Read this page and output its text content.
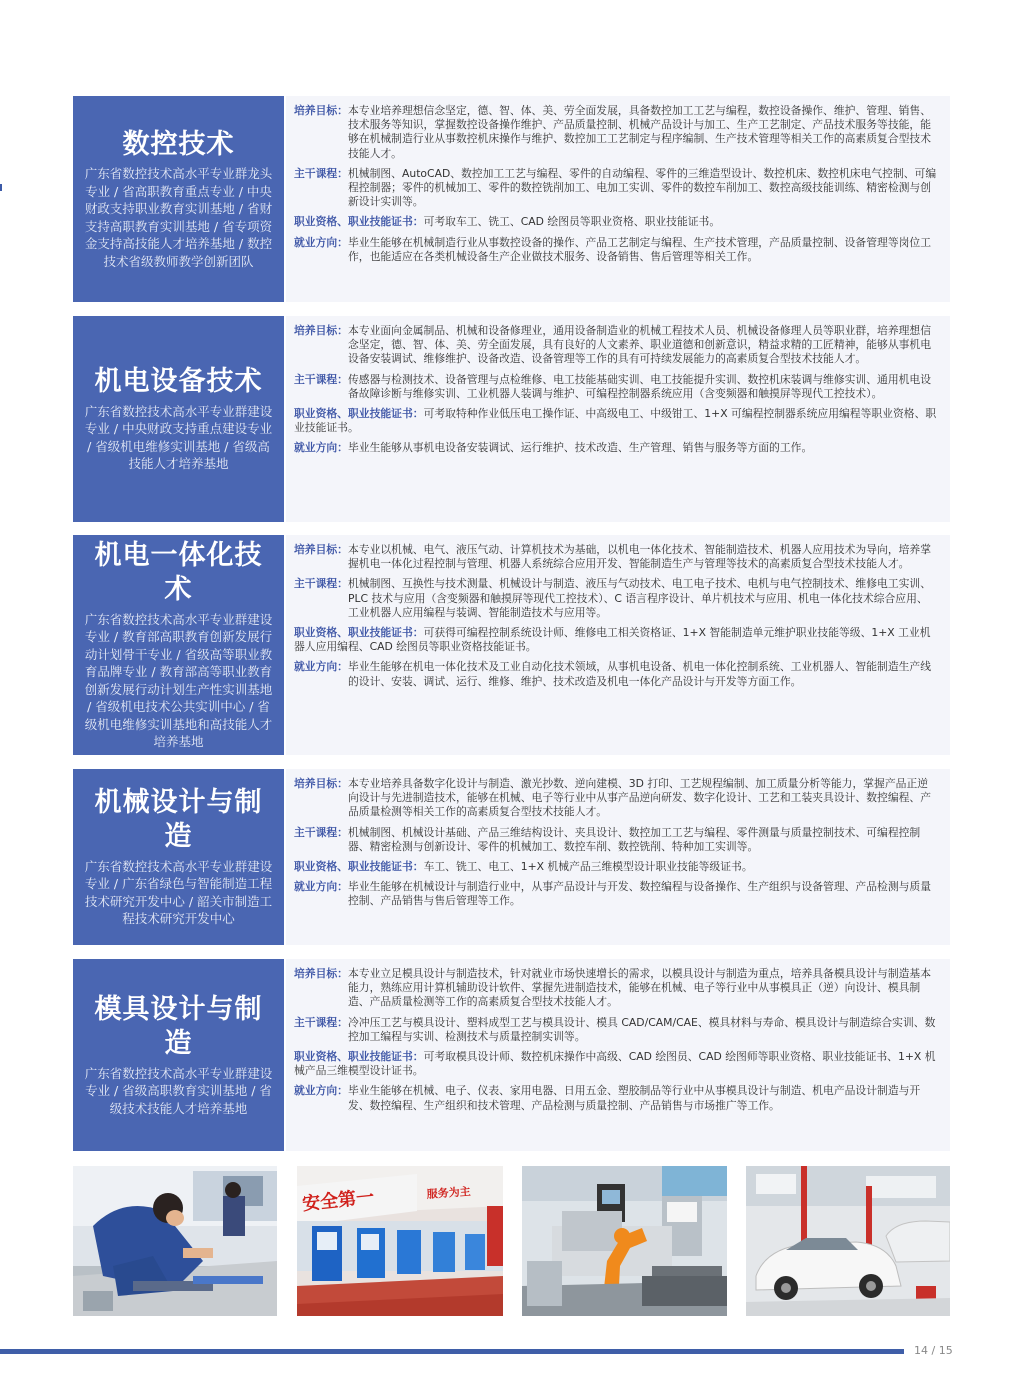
数控技术
广东省数控技术高水平专业群龙头专业 / 省高职教育重点专业 / 中央财政支持职业教育实训基地 / 省财支持高职教育实训基地 / 省专项资金支持高技能人才培养基地 / 数控技术省级教师教学创新团队
培养目标： 本专业培养理想信念坚定，德、智、体、美、劳全面发展，具备数控加工工艺与编程，数控设备操作、维护、管理、销售、技术服务等知识，掌握数控设备操作维护、产品质量控制、机械产品设计与加工、生产工艺制定、产品技术服务等技能，能够在机械制造行业从事数控机床操作与维护、数控加工工艺制定与程序编制、生产技术管理等相关工作的高素质复合型技术技能人才。
主干课程： 机械制图、AutoCAD、数控加工工艺与编程、零件的自动编程、零件的三维造型设计、数控机床、数控机床电气控制、可编程控制器；零件的机械加工、零件的数控铣削加工、电加工实训、零件的数控车削加工、数控高级技能训练、精密检测与创新设计实训等。
职业资格、职业技能证书：可考取车工、铣工、CAD 绘图员等职业资格、职业技能证书。
就业方向： 毕业生能够在机械制造行业从事数控设备的操作、产品工艺制定与编程、生产技术管理，产品质量控制、设备管理等岗位工作，也能适应在各类机械设备生产企业做技术服务、设备销售、售后管理等相关工作。
机电设备技术
广东省数控技术高水平专业群建设专业 / 中央财政支持重点建设专业 / 省级机电维修实训基地 / 省级高技能人才培养基地
培养目标： 本专业面向金属制品、机械和设备修理业，通用设备制造业的机械工程技术人员、机械设备修理人员等职业群，培养理想信念坚定，德、智、体、美、劳全面发展，具有良好的人文素养、职业道德和创新意识，精益求精的工匠精神，能够从事机电设备安装调试、维修维护、设备改造、设备管理等工作的具有可持续发展能力的高素质复合型技术技能人才。
主干课程： 传感器与检测技术、设备管理与点检维修、电工技能基础实训、电工技能提升实训、数控机床装调与维修实训、通用机电设备故障诊断与维修实训、工业机器人装调与维护、可编程控制器系统应用（含变频器和触摸屏等现代工控技术）。
职业资格、职业技能证书：可考取特种作业低压电工操作证、中高级电工、中级钳工、1+X 可编程控制器系统应用编程等职业资格、职业技能证书。
就业方向： 毕业生能够从事机电设备安装调试、运行维护、技术改造、生产管理、销售与服务等方面的工作。
机电一体化技术
广东省数控技术高水平专业群建设专业 / 教育部高职教育创新发展行动计划骨干专业 / 省级高等职业教育品牌专业 / 教育部高等职业教育创新发展行动计划生产性实训基地 / 省级机电技术公共实训中心 / 省级机电维修实训基地和高技能人才培养基地
培养目标： 本专业以机械、电气、液压气动、计算机技术为基础，以机电一体化技术、智能制造技术、机器人应用技术为导向，培养掌握机电一体化过程控制与管理、机器人系统综合应用开发、智能制造生产与管理等技术的高素质复合型技术技能人才。
主干课程： 机械制图、互换性与技术测量、机械设计与制造、液压与气动技术、电工电子技术、电机与电气控制技术、维修电工实训、PLC 技术与应用（含变频器和触摸屏等现代工控技术）、C 语言程序设计、单片机技术与应用、机电一体化技术综合应用、工业机器人应用编程与装调、智能制造技术与应用等。
职业资格、职业技能证书：可获得可编程控制系统设计师、维修电工相关资格证、1+X 智能制造单元维护职业技能等级、1+X 工业机器人应用编程、CAD 绘图员等职业资格技能证书。
就业方向： 毕业生能够在机电一体化技术及工业自动化技术领域，从事机电设备、机电一体化控制系统、工业机器人、智能制造生产线的设计、安装、调试、运行、维修、维护、技术改造及机电一体化产品设计与开发等方面工作。
机械设计与制造
广东省数控技术高水平专业群建设专业 / 广东省绿色与智能制造工程技术研究开发中心 / 韶关市制造工程技术研究开发中心
培养目标： 本专业培养具备数字化设计与制造、激光抄数、逆向建模、3D 打印、工艺规程编制、加工质量分析等能力，掌握产品正逆向设计与先进制造技术，能够在机械、电子等行业中从事产品逆向研发、数字化设计、工艺和工装夹具设计、数控编程、产品质量检测等相关工作的高素质复合型技术技能人才。
主干课程： 机械制图、机械设计基础、产品三维结构设计、夹具设计、数控加工工艺与编程、零件测量与质量控制技术、可编程控制器、精密检测与创新设计、零件的机械加工、数控车削、数控铣削、特种加工实训等。
职业资格、职业技能证书：车工、铣工、电工、1+X 机械产品三维模型设计职业技能等级证书。
就业方向： 毕业生能够在机械设计与制造行业中，从事产品设计与开发、数控编程与设备操作、生产组织与设备管理、产品检测与质量控制、产品销售与售后管理等工作。
模具设计与制造
广东省数控技术高水平专业群建设专业 / 省级高职教育实训基地 / 省级技术技能人才培养基地
培养目标： 本专业立足模具设计与制造技术，针对就业市场快速增长的需求，以模具设计与制造为重点，培养具备模具设计与制造基本能力，熟练应用计算机辅助设计软件、掌握先进制造技术，能够在机械、电子等行业中从事模具正（逆）向设计、模具制造、产品质量检测等工作的高素质复合型技术技能人才。
主干课程： 冷冲压工艺与模具设计、塑料成型工艺与模具设计、模具 CAD/CAM/CAE、模具材料与寿命、模具设计与制造综合实训、数控加工编程与实训、检测技术与质量控制实训等。
职业资格、职业技能证书：可考取模具设计师、数控机床操作中高级、CAD 绘图员、CAD 绘图师等职业资格、职业技能证书、1+X 机械产品三维模型设计证书。
就业方向： 毕业生能够在机械、电子、仪表、家用电器、日用五金、塑胶制品等行业中从事模具设计与制造、机电产品设计制造与开发、数控编程、生产组织和技术管理、产品检测与质量控制、产品销售与市场推广等工作。
安全第一	服务为主
14 / 15
